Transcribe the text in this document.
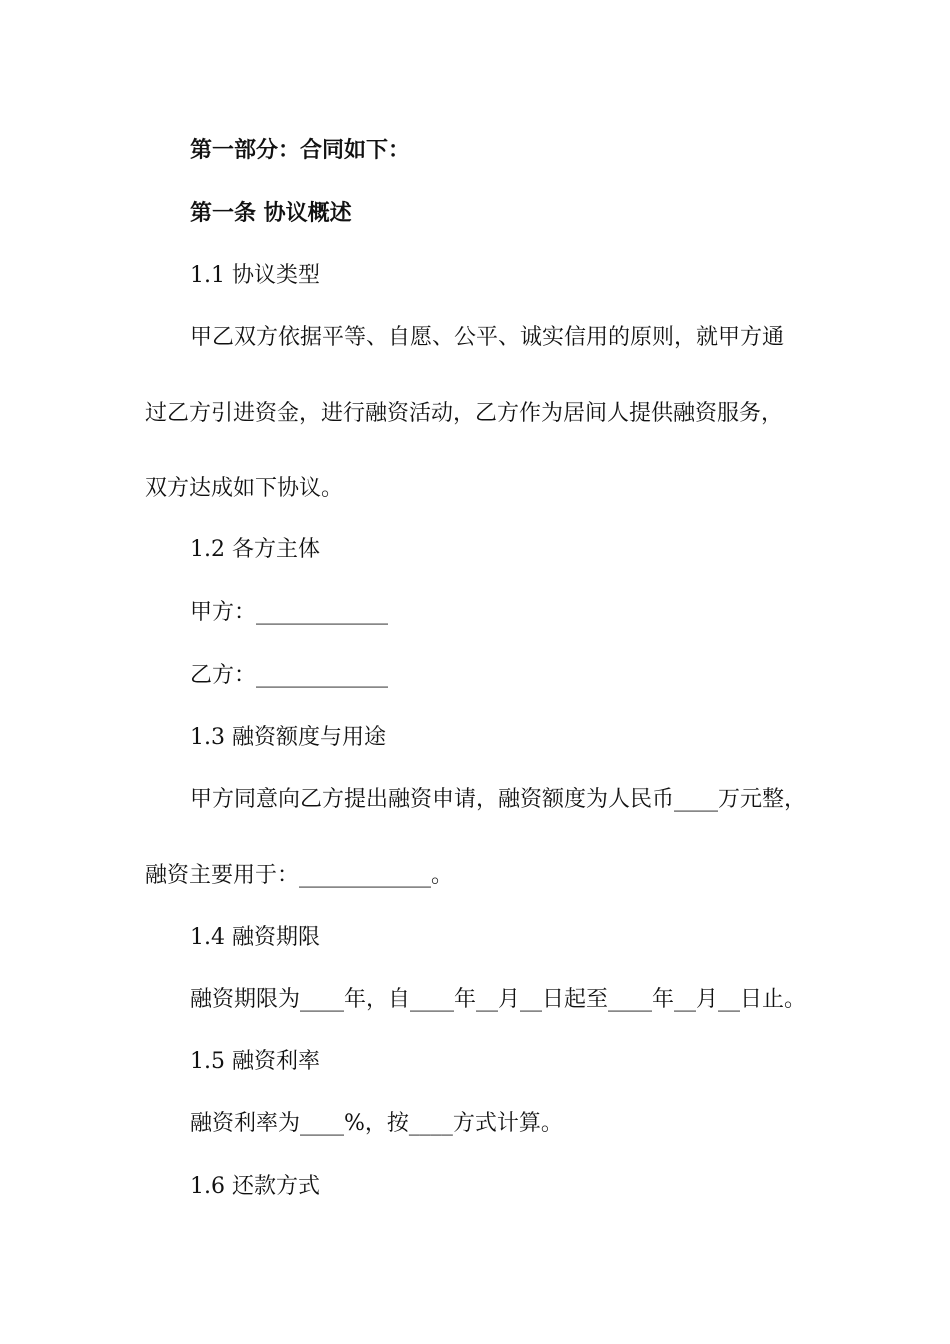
第一部分：合同如下：
第一条 协议概述
1.1 协议类型
甲乙双方依据平等、自愿、公平、诚实信用的原则，就甲方通
过乙方引进资金，进行融资活动，乙方作为居间人提供融资服务，
双方达成如下协议。
1.2 各方主体
甲方：____________
乙方：____________
1.3 融资额度与用途
甲方同意向乙方提出融资申请，融资额度为人民币____万元整，
融资主要用于：____________。
1.4 融资期限
融资期限为____年，自____年__月__日起至____年__月__日止。
1.5 融资利率
融资利率为____%，按____方式计算。
1.6 还款方式
